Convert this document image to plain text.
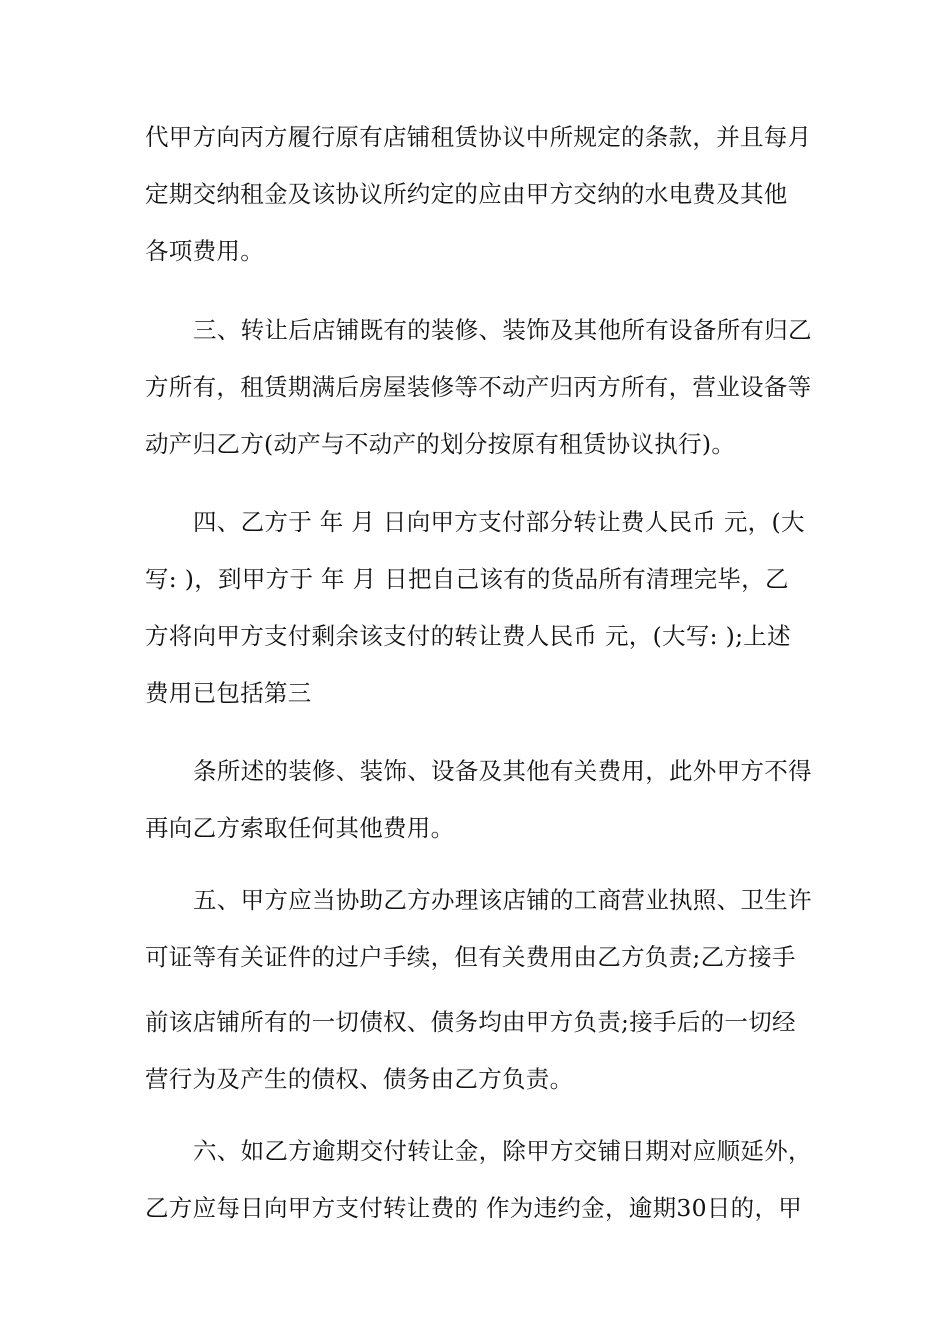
代甲方向丙方履行原有店铺租赁协议中所规定的条款，并且每月
定期交纳租金及该协议所约定的应由甲方交纳的水电费及其他
各项费用。
三、转让后店铺既有的装修、装饰及其他所有设备所有归乙
方所有，租赁期满后房屋装修等不动产归丙方所有，营业设备等
动产归乙方(动产与不动产的划分按原有租赁协议执行)。
四、乙方于 年 月 日向甲方支付部分转让费人民币 元，(大
写: )，到甲方于 年 月 日把自己该有的货品所有清理完毕，乙
方将向甲方支付剩余该支付的转让费人民币 元，(大写: );上述
费用已包括第三
条所述的装修、装饰、设备及其他有关费用，此外甲方不得
再向乙方索取任何其他费用。
五、甲方应当协助乙方办理该店铺的工商营业执照、卫生许
可证等有关证件的过户手续，但有关费用由乙方负责;乙方接手
前该店铺所有的一切债权、债务均由甲方负责;接手后的一切经
营行为及产生的债权、债务由乙方负责。
六、如乙方逾期交付转让金，除甲方交铺日期对应顺延外，
乙方应每日向甲方支付转让费的 作为违约金，逾期30日的，甲
